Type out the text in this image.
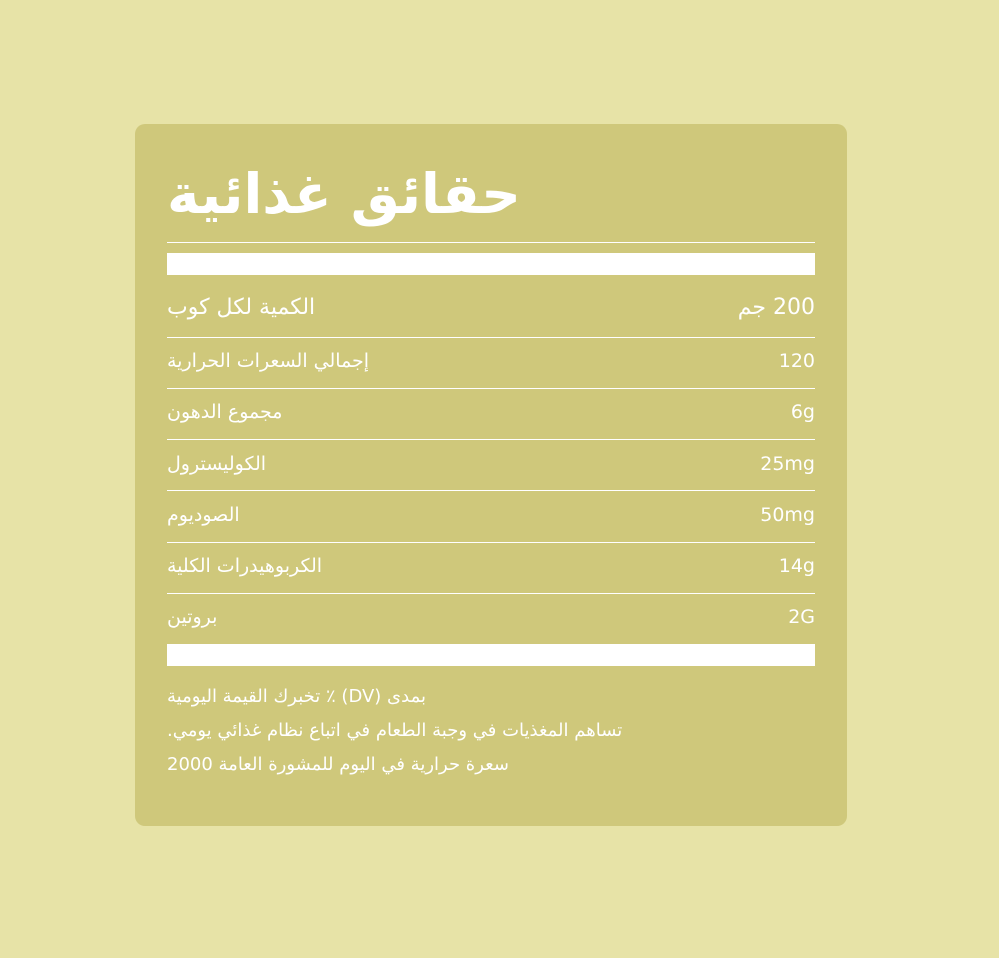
حقائق غذائية
الكمية لكل كوب	200 جم
إجمالي السعرات الحرارية	120
مجموع الدهون	6g
الكوليسترول	25mg
الصوديوم	50mg
الكربوهيدرات الكلية	14g
بروتين	2G
بمدى (DV) ٪ تخبرك القيمة اليومية
تساهم المغذيات في وجبة الطعام في اتباع نظام غذائي يومي.
سعرة حرارية في اليوم للمشورة العامة 2000
